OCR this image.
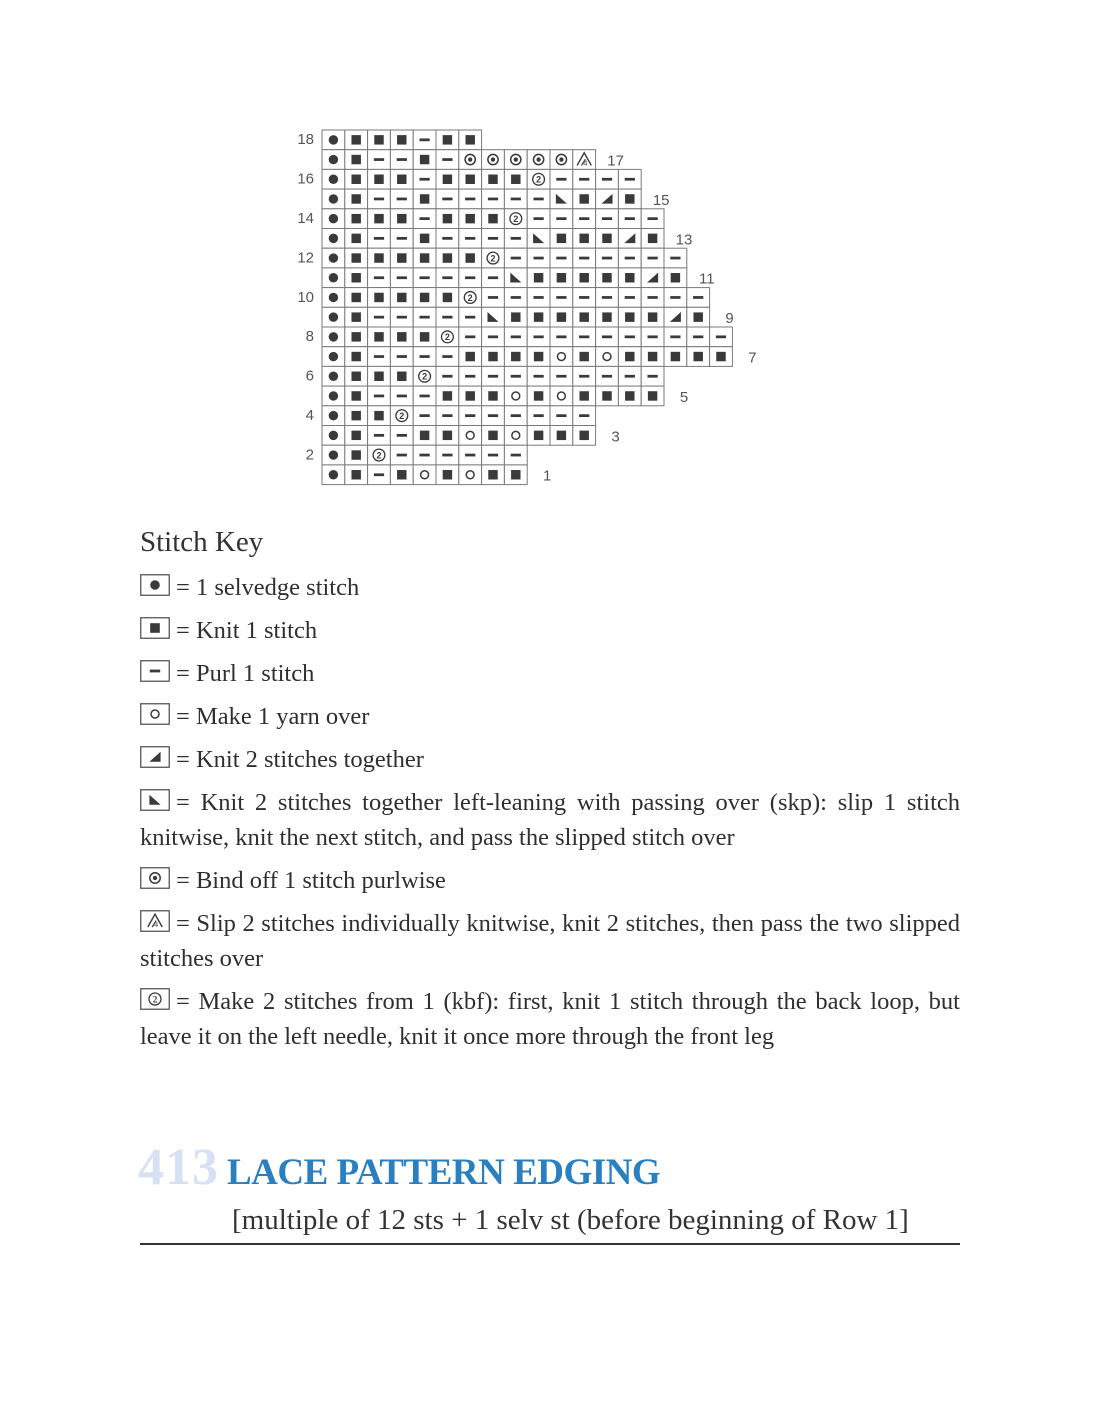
4
2
2
2
2
2
2
2
2
18
16
14
12
10
8
6
4
2
17
15
13
11
9
7
5
3
1
Stitch Key
= 1 selvedge stitch
= Knit 1 stitch
= Purl 1 stitch
= Make 1 yarn over
= Knit 2 stitches together
= Knit 2 stitches together left-leaning with passing over (skp): slip 1 stitch knitwise, knit the next stitch, and pass the slipped stitch over
= Bind off 1 stitch purlwise
4 = Slip 2 stitches individually knitwise, knit 2 stitches, then pass the two slipped stitches over
2 = Make 2 stitches from 1 (kbf): first, knit 1 stitch through the back loop, but leave it on the left needle, knit it once more through the front leg
413 LACE PATTERN EDGING

[multiple of 12 sts + 1 selv st (before beginning of Row 1]
